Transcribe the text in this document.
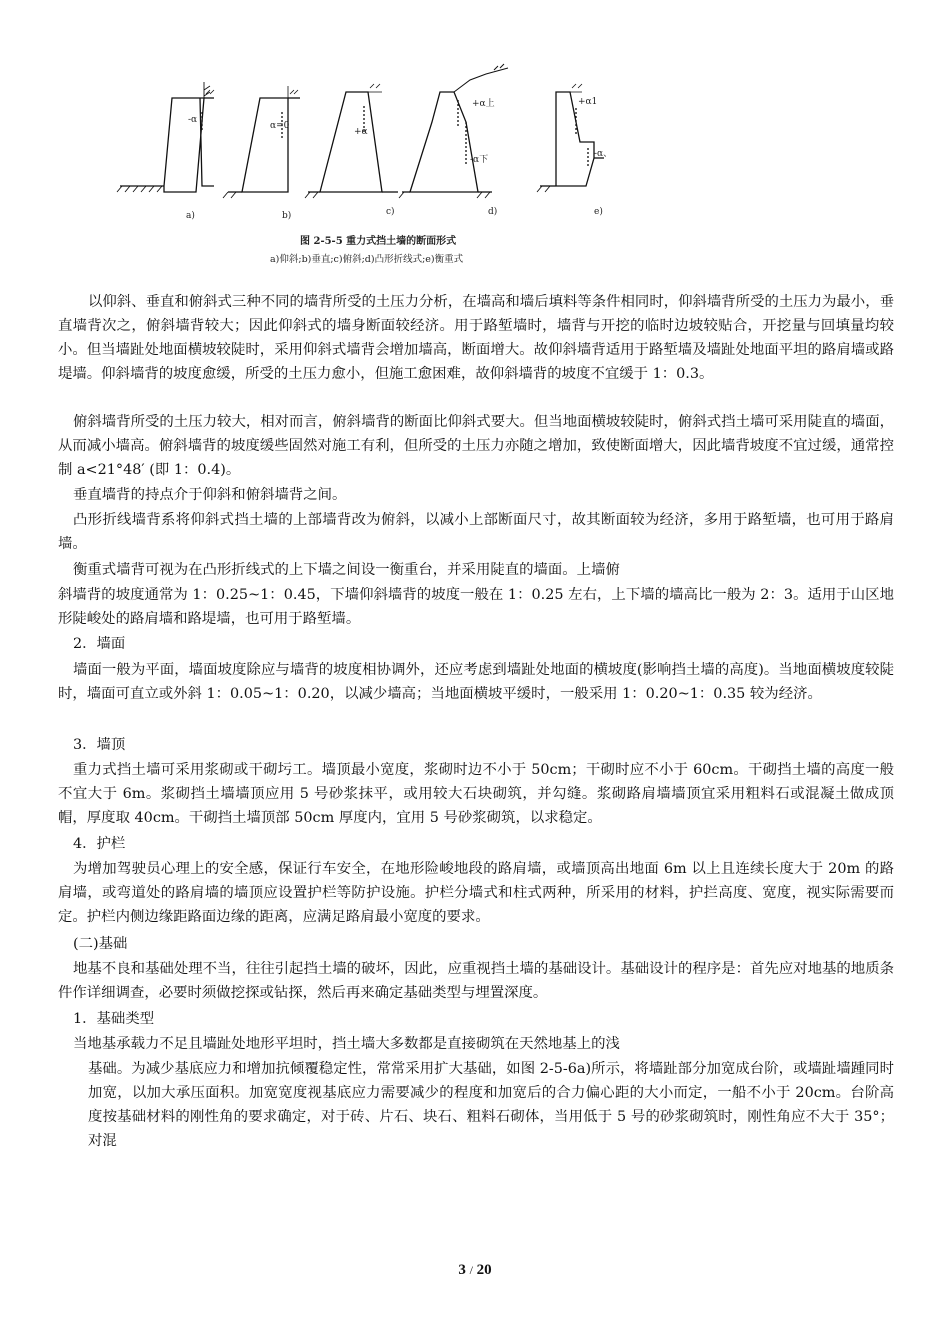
-α
α=0
+α
+α上
-α下
+α1
-α、
a)	b)	c)	d)	e)
图 2-5-5 重力式挡土墙的断面形式
a)仰斜;b)垂直;c)俯斜;d)凸形折线式;e)衡重式

以仰斜、垂直和俯斜式三种不同的墙背所受的土压力分析，在墙高和墙后填料等条件相同时，仰斜墙背所受的土压力为最小，垂直墙背次之，俯斜墙背较大；因此仰斜式的墙身断面较经济。用于路堑墙时，墙背与开挖的临时边坡较贴合，开挖量与回填量均较小。但当墙趾处地面横坡较陡时，采用仰斜式墙背会增加墙高，断面增大。故仰斜墙背适用于路堑墙及墙趾处地面平坦的路肩墙或路堤墙。仰斜墙背的坡度愈缓，所受的土压力愈小，但施工愈困难，故仰斜墙背的坡度不宜缓于 1：0.3。

俯斜墙背所受的土压力较大，相对而言，俯斜墙背的断面比仰斜式要大。但当地面横坡较陡时，俯斜式挡土墙可采用陡直的墙面，从而减小墙高。俯斜墙背的坡度缓些固然对施工有利，但所受的土压力亦随之增加，致使断面增大，因此墙背坡度不宜过缓，通常控制 a<21°48′ (即 1：0.4)。

垂直墙背的持点介于仰斜和俯斜墙背之间。

凸形折线墙背系将仰斜式挡土墙的上部墙背改为俯斜，以减小上部断面尺寸，故其断面较为经济，多用于路堑墙，也可用于路肩墙。

衡重式墙背可视为在凸形折线式的上下墙之间设一衡重台，并采用陡直的墙面。上墙俯

斜墙背的坡度通常为 1：0.25~1：0.45，下墙仰斜墙背的坡度一般在 1：0.25 左右，上下墙的墙高比一般为 2：3。适用于山区地形陡峻处的路肩墙和路堤墙，也可用于路堑墙。

2．墙面

墙面一般为平面，墙面坡度除应与墙背的坡度相协调外，还应考虑到墙趾处地面的横坡度(影响挡土墙的高度)。当地面横坡度较陡时，墙面可直立或外斜 1：0.05~1：0.20，以减少墙高；当地面横坡平缓时，一般采用 1：0.20~1：0.35 较为经济。

3．墙顶

重力式挡土墙可采用浆砌或干砌圬工。墙顶最小宽度，浆砌时边不小于 50cm；干砌时应不小于 60cm。干砌挡土墙的高度一般不宜大于 6m。浆砌挡土墙墙顶应用 5 号砂浆抹平，或用较大石块砌筑，并勾缝。浆砌路肩墙墙顶宜采用粗料石或混凝土做成顶帽，厚度取 40cm。干砌挡土墙顶部 50cm 厚度内，宜用 5 号砂浆砌筑，以求稳定。

4．护栏

为增加驾驶员心理上的安全感，保证行车安全，在地形险峻地段的路肩墙，或墙顶高出地面 6m 以上且连续长度大于 20m 的路肩墙，或弯道处的路肩墙的墙顶应设置护栏等防护设施。护栏分墙式和柱式两种，所采用的材料，护拦高度、宽度，视实际需要而定。护栏内侧边缘距路面边缘的距离，应满足路肩最小宽度的要求。

(二)基础

地基不良和基础处理不当，往往引起挡土墙的破坏，因此，应重视挡土墙的基础设计。基础设计的程序是：首先应对地基的地质条件作详细调查，必要时须做挖探或钻探，然后再来确定基础类型与埋置深度。

1．基础类型

当地基承载力不足且墙趾处地形平坦时，挡土墙大多数都是直接砌筑在天然地基上的浅

基础。为减少基底应力和增加抗倾覆稳定性，常常采用扩大基础，如图 2-5-6a)所示，将墙趾部分加宽成台阶，或墙趾墙踵同时加宽，以加大承压面积。加宽宽度视基底应力需要减少的程度和加宽后的合力偏心距的大小而定，一船不小于 20cm。台阶高度按基础材料的刚性角的要求确定，对于砖、片石、块石、粗料石砌体，当用低于 5 号的砂浆砌筑时，刚性角应不大于 35°；对混

3 / 20
